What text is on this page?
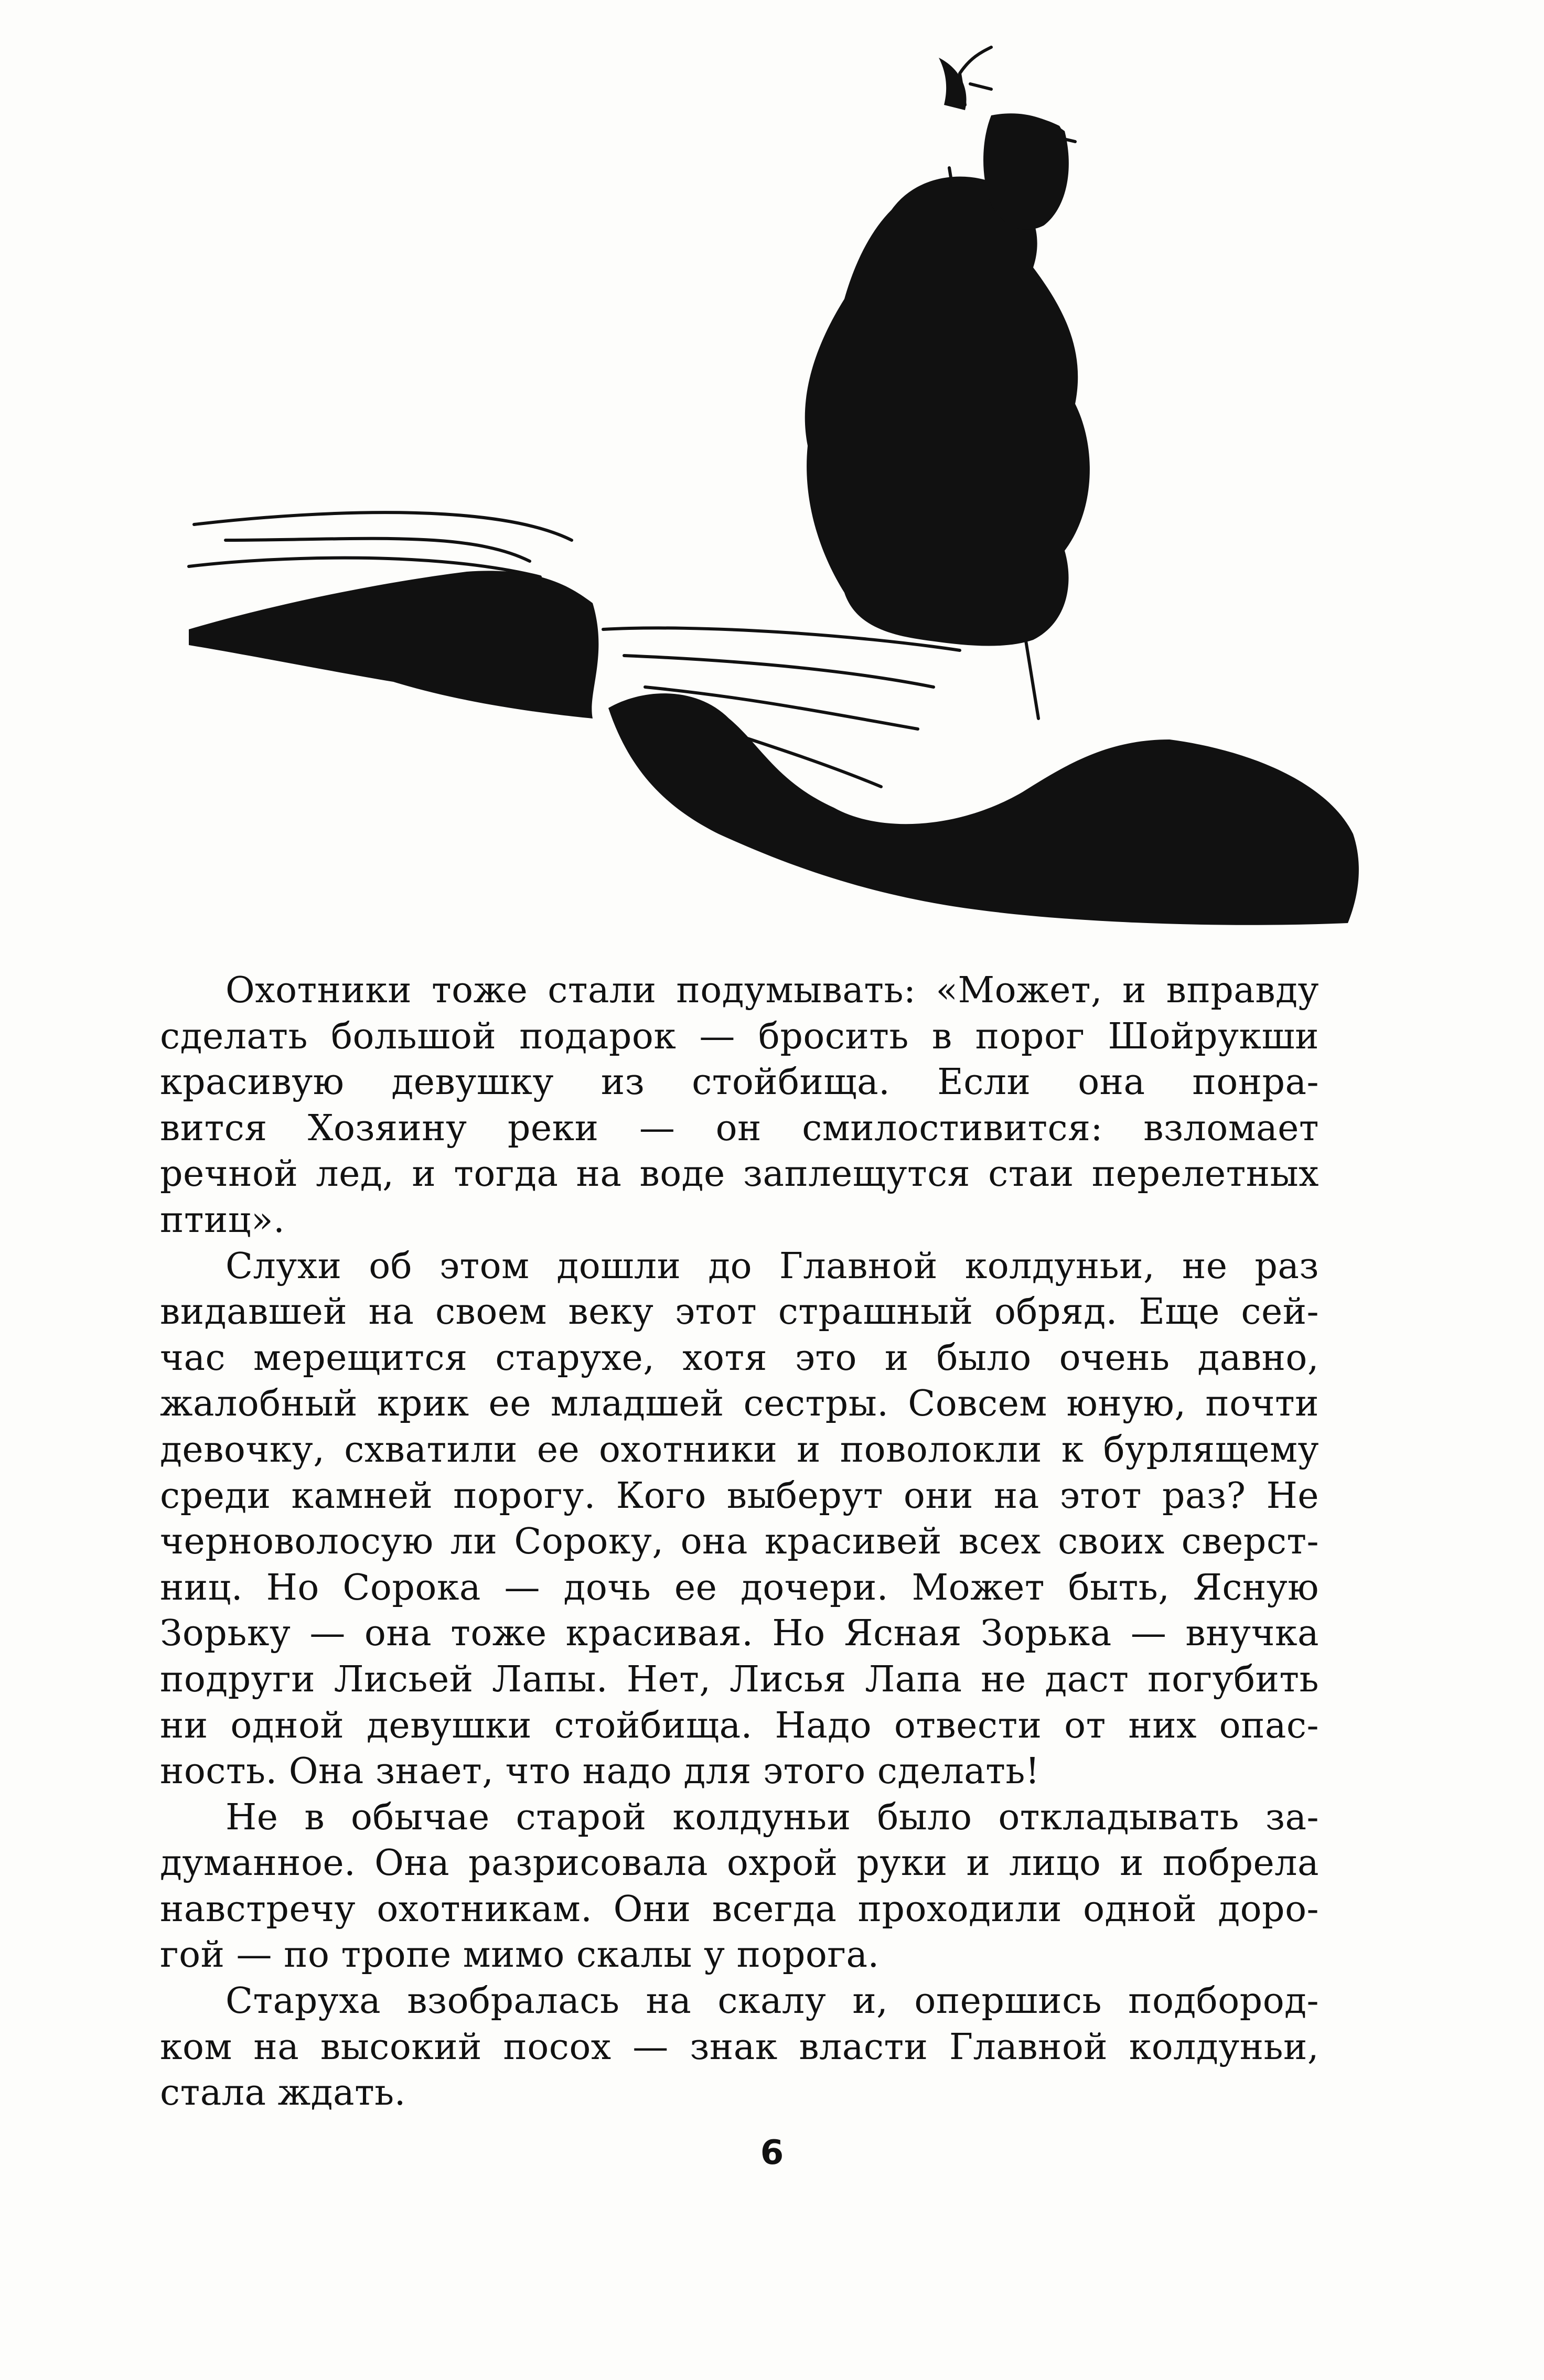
Охотники тоже стали подумывать: «Может, и вправду
сделать большой подарок — бросить в порог Шойрукши
красивую девушку из стойбища. Если она понра-
вится Хозяину реки — он смилостивится: взломает
речной лед, и тогда на воде заплещутся стаи перелетных
птиц».

Слухи об этом дошли до Главной колдуньи, не раз
видавшей на своем веку этот страшный обряд. Еще сей-
час мерещится старухе, хотя это и было очень давно,
жалобный крик ее младшей сестры. Совсем юную, почти
девочку, схватили ее охотники и поволокли к бурлящему
среди камней порогу. Кого выберут они на этот раз? Не
черноволосую ли Сороку, она красивей всех своих сверст-
ниц. Но Сорока — дочь ее дочери. Может быть, Ясную
Зорьку — она тоже красивая. Но Ясная Зорька — внучка
подруги Лисьей Лапы. Нет, Лисья Лапа не даст погубить
ни одной девушки стойбища. Надо отвести от них опас-
ность. Она знает, что надо для этого сделать!

Не в обычае старой колдуньи было откладывать за-
думанное. Она разрисовала охрой руки и лицо и побрела
навстречу охотникам. Они всегда проходили одной доро-
гой — по тропе мимо скалы у порога.

Старуха взобралась на скалу и, опершись подбород-
ком на высокий посох — знак власти Главной колдуньи,
стала ждать.

6
